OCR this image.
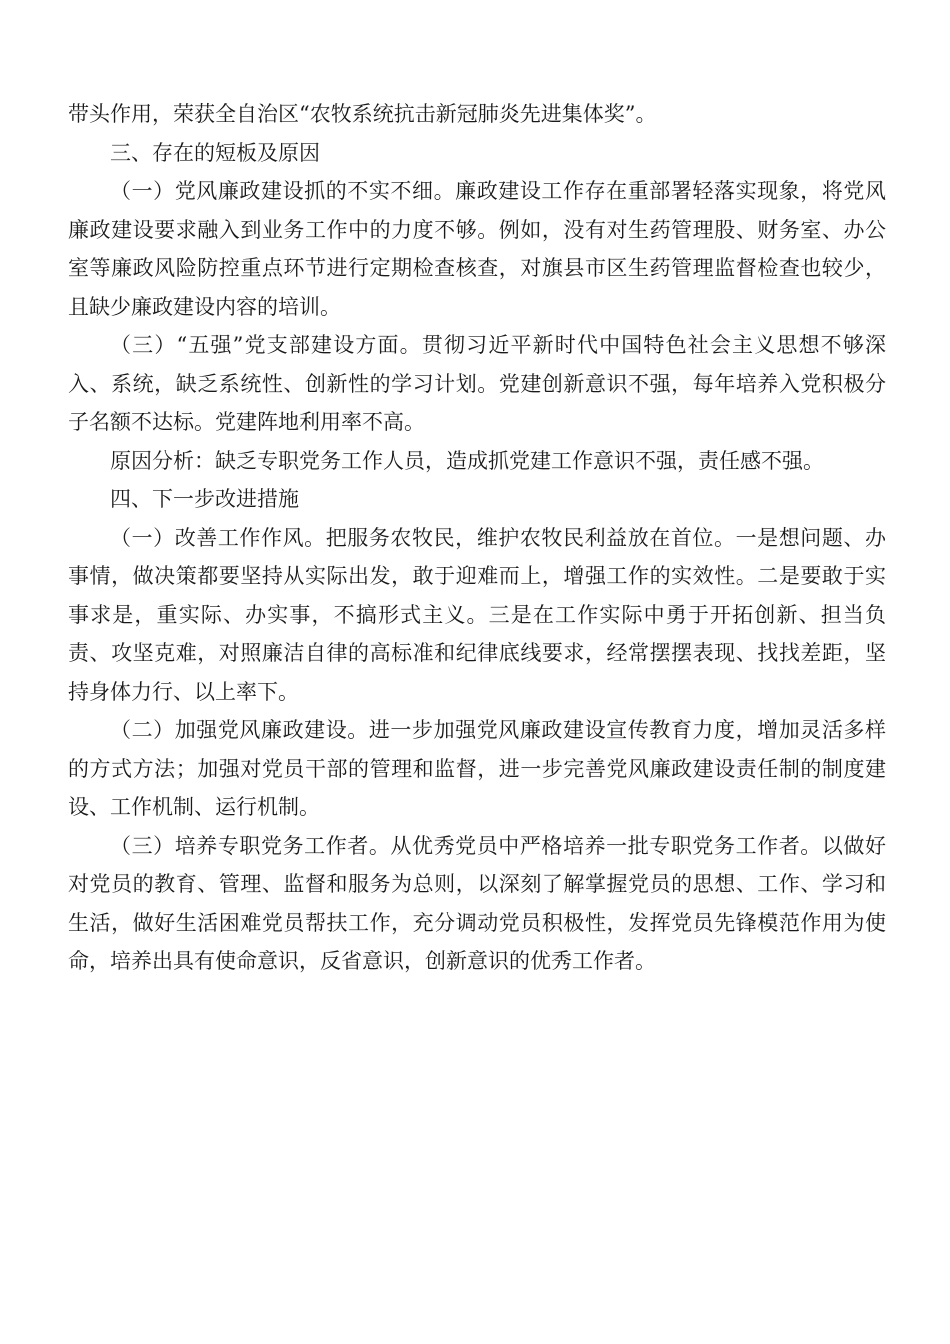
带头作用，荣获全自治区“农牧系统抗击新冠肺炎先进集体奖”。

三、存在的短板及原因

（一）党风廉政建设抓的不实不细。廉政建设工作存在重部署轻落实现象，将党风廉政建设要求融入到业务工作中的力度不够。例如，没有对生药管理股、财务室、办公室等廉政风险防控重点环节进行定期检查核查，对旗县市区生药管理监督检查也较少，且缺少廉政建设内容的培训。

（三）“五强”党支部建设方面。贯彻习近平新时代中国特色社会主义思想不够深入、系统，缺乏系统性、创新性的学习计划。党建创新意识不强，每年培养入党积极分子名额不达标。党建阵地利用率不高。

原因分析：缺乏专职党务工作人员，造成抓党建工作意识不强，责任感不强。

四、下一步改进措施

（一）改善工作作风。把服务农牧民，维护农牧民利益放在首位。一是想问题、办事情，做决策都要坚持从实际出发，敢于迎难而上，增强工作的实效性。二是要敢于实事求是，重实际、办实事，不搞形式主义。三是在工作实际中勇于开拓创新、担当负责、攻坚克难，对照廉洁自律的高标准和纪律底线要求，经常摆摆表现、找找差距，坚持身体力行、以上率下。

（二）加强党风廉政建设。进一步加强党风廉政建设宣传教育力度，增加灵活多样的方式方法；加强对党员干部的管理和监督，进一步完善党风廉政建设责任制的制度建设、工作机制、运行机制。

（三）培养专职党务工作者。从优秀党员中严格培养一批专职党务工作者。以做好对党员的教育、管理、监督和服务为总则，以深刻了解掌握党员的思想、工作、学习和生活，做好生活困难党员帮扶工作，充分调动党员积极性，发挥党员先锋模范作用为使命，培养出具有使命意识，反省意识，创新意识的优秀工作者。
